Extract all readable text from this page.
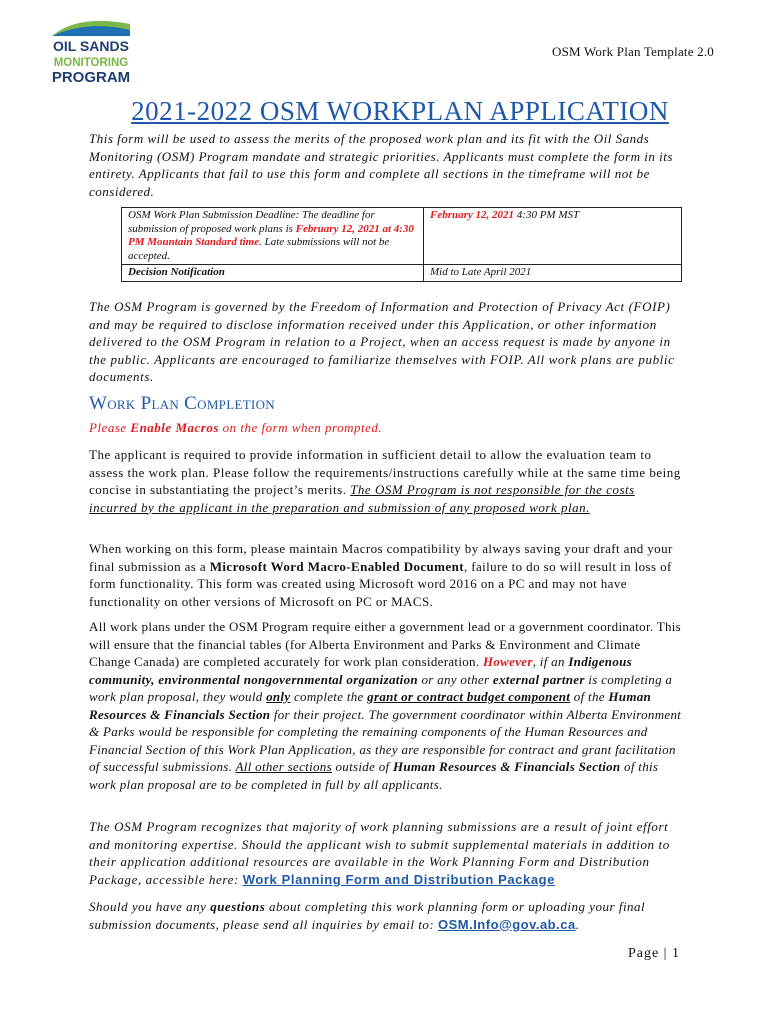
OIL SANDS
MONITORING
PROGRAM
OSM Work Plan Template 2.0
2021-2022 OSM WORKPLAN APPLICATION
This form will be used to assess the merits of the proposed work plan and its fit with the Oil Sands Monitoring (OSM) Program mandate and strategic priorities. Applicants must complete the form in its entirety. Applicants that fail to use this form and complete all sections in the timeframe will not be considered.
OSM Work Plan Submission Deadline: The deadline for submission of proposed work plans is February 12, 2021 at 4:30 PM Mountain Standard time. Late submissions will not be accepted.	February 12, 2021 4:30 PM MST
Decision Notification	Mid to Late April 2021
The OSM Program is governed by the Freedom of Information and Protection of Privacy Act (FOIP) and may be required to disclose information received under this Application, or other information delivered to the OSM Program in relation to a Project, when an access request is made by anyone in the public. Applicants are encouraged to familiarize themselves with FOIP. All work plans are public documents.
Work Plan Completion
Please Enable Macros on the form when prompted.
The applicant is required to provide information in sufficient detail to allow the evaluation team to assess the work plan. Please follow the requirements/instructions carefully while at the same time being concise in substantiating the project’s merits. The OSM Program is not responsible for the costs incurred by the applicant in the preparation and submission of any proposed work plan.
When working on this form, please maintain Macros compatibility by always saving your draft and your final submission as a Microsoft Word Macro-Enabled Document, failure to do so will result in loss of form functionality. This form was created using Microsoft word 2016 on a PC and may not have functionality on other versions of Microsoft on PC or MACS.
All work plans under the OSM Program require either a government lead or a government coordinator. This will ensure that the financial tables (for Alberta Environment and Parks & Environment and Climate Change Canada) are completed accurately for work plan consideration. However, if an Indigenous community, environmental nongovernmental organization or any other external partner is completing a work plan proposal, they would only complete the grant or contract budget component of the Human Resources & Financials Section for their project. The government coordinator within Alberta Environment & Parks would be responsible for completing the remaining components of the Human Resources and Financial Section of this Work Plan Application, as they are responsible for contract and grant facilitation of successful submissions. All other sections outside of Human Resources & Financials Section of this work plan proposal are to be completed in full by all applicants.
The OSM Program recognizes that majority of work planning submissions are a result of joint effort and monitoring expertise. Should the applicant wish to submit supplemental materials in addition to their application additional resources are available in the Work Planning Form and Distribution Package, accessible here: Work Planning Form and Distribution Package
Should you have any questions about completing this work planning form or uploading your final submission documents, please send all inquiries by email to: OSM.Info@gov.ab.ca.
Page | 1
